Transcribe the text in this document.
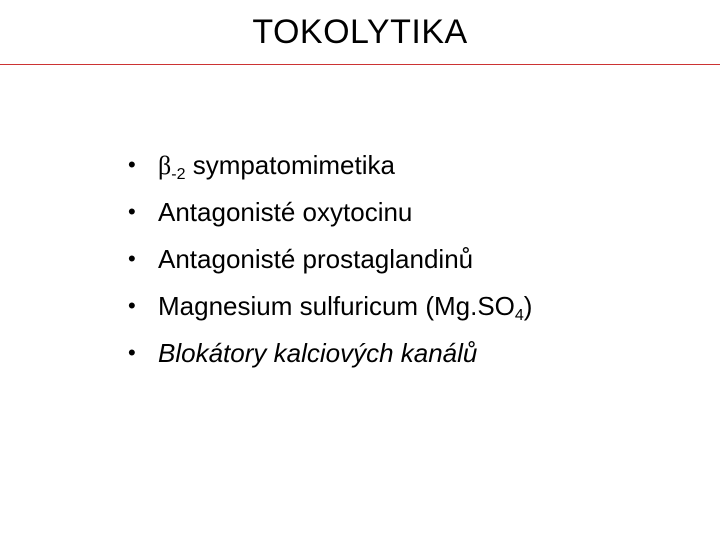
TOKOLYTIKA
• $\beta_{-2}$ sympatomimetika
• Antagonisté oxytocinu
• Antagonisté prostaglandinů
• Magnesium sulfuricum $(Mg.SO_4)$
• Blokátory kalciových kanálů
